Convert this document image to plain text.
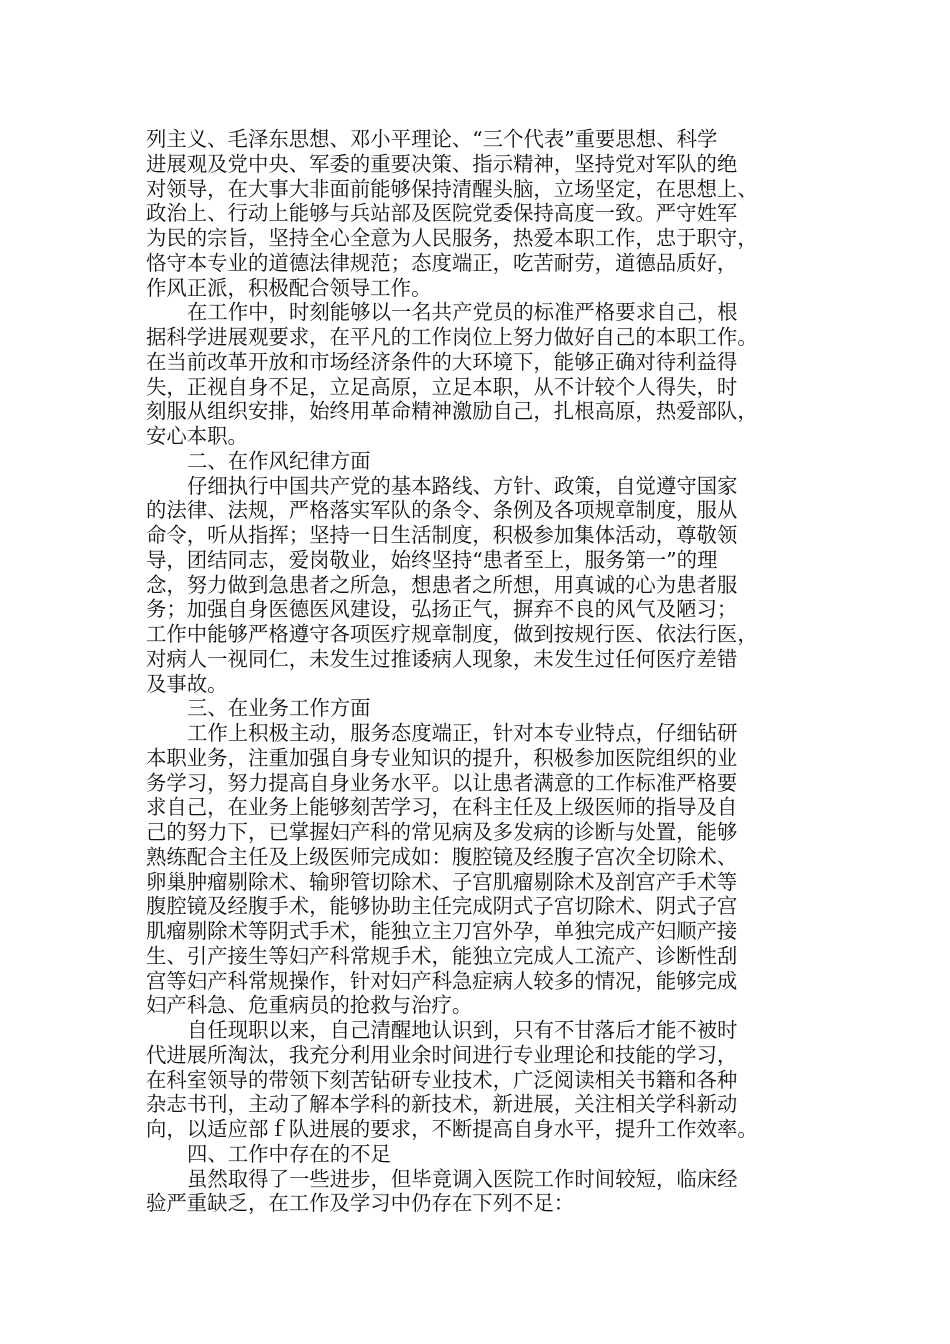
列主义、毛泽东思想、邓小平理论、“三个代表”重要思想、科学
进展观及党中央、军委的重要决策、指示精神，坚持党对军队的绝
对领导，在大事大非面前能够保持清醒头脑，立场坚定，在思想上、
政治上、行动上能够与兵站部及医院党委保持高度一致。严守姓军
为民的宗旨，坚持全心全意为人民服务，热爱本职工作，忠于职守，
恪守本专业的道德法律规范；态度端正，吃苦耐劳，道德品质好，
作风正派，积极配合领导工作。
在工作中，时刻能够以一名共产党员的标准严格要求自己，根
据科学进展观要求，在平凡的工作岗位上努力做好自己的本职工作。
在当前改革开放和市场经济条件的大环境下，能够正确对待利益得
失，正视自身不足，立足高原，立足本职，从不计较个人得失，时
刻服从组织安排，始终用革命精神激励自己，扎根高原，热爱部队，
安心本职。
二、在作风纪律方面
仔细执行中国共产党的基本路线、方针、政策，自觉遵守国家
的法律、法规，严格落实军队的条令、条例及各项规章制度，服从
命令，听从指挥；坚持一日生活制度，积极参加集体活动，尊敬领
导，团结同志，爱岗敬业，始终坚持“患者至上，服务第一”的理
念，努力做到急患者之所急，想患者之所想，用真诚的心为患者服
务；加强自身医德医风建设，弘扬正气，摒弃不良的风气及陋习；
工作中能够严格遵守各项医疗规章制度，做到按规行医、依法行医，
对病人一视同仁，未发生过推诿病人现象，未发生过任何医疗差错
及事故。
三、在业务工作方面
工作上积极主动，服务态度端正，针对本专业特点，仔细钻研
本职业务，注重加强自身专业知识的提升，积极参加医院组织的业
务学习，努力提高自身业务水平。以让患者满意的工作标准严格要
求自己，在业务上能够刻苦学习，在科主任及上级医师的指导及自
己的努力下，已掌握妇产科的常见病及多发病的诊断与处置，能够
熟练配合主任及上级医师完成如：腹腔镜及经腹子宫次全切除术、
卵巢肿瘤剔除术、输卵管切除术、子宫肌瘤剔除术及剖宫产手术等
腹腔镜及经腹手术，能够协助主任完成阴式子宫切除术、阴式子宫
肌瘤剔除术等阴式手术，能独立主刀宫外孕，单独完成产妇顺产接
生、引产接生等妇产科常规手术，能独立完成人工流产、诊断性刮
宫等妇产科常规操作，针对妇产科急症病人较多的情况，能够完成
妇产科急、危重病员的抢救与治疗。
自任现职以来，自己清醒地认识到，只有不甘落后才能不被时
代进展所淘汰，我充分利用业余时间进行专业理论和技能的学习，
在科室领导的带领下刻苦钻研专业技术，广泛阅读相关书籍和各种
杂志书刊，主动了解本学科的新技术，新进展，关注相关学科新动
向，以适应部ｆ队进展的要求，不断提高自身水平，提升工作效率。
四、工作中存在的不足
虽然取得了一些进步，但毕竟调入医院工作时间较短，临床经
验严重缺乏，在工作及学习中仍存在下列不足：
